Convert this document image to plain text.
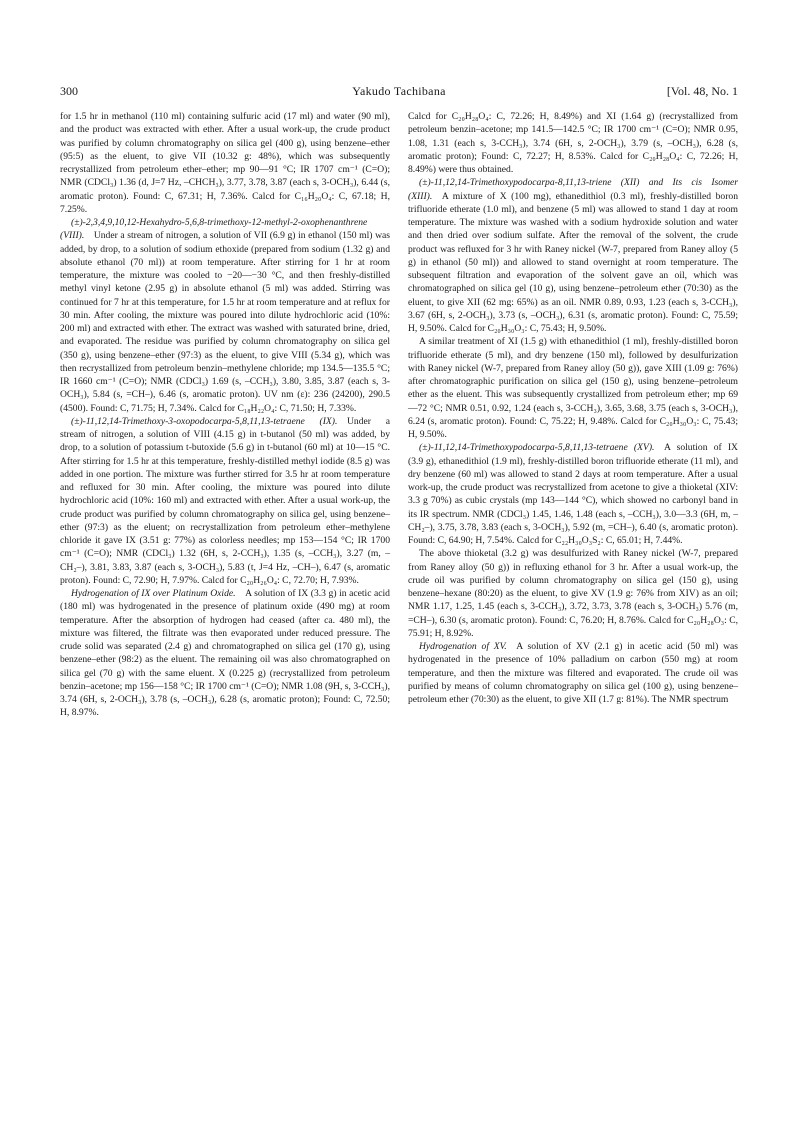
300	Yakudo Tachibana	[Vol. 48, No. 1

for 1.5 hr in methanol (110 ml) containing sulfuric acid (17 ml) and water (90 ml), and the product was extracted with ether. After a usual work-up, the crude product was purified by column chromatography on silica gel (400 g), using benzene–ether (95:5) as the eluent, to give VII (10.32 g: 48%), which was subsequently recrystallized from petroleum ether–ether; mp 90—91 °C; IR 1707 cm⁻¹ (C=O); NMR (CDCl₃) 1.36 (d, J=7 Hz, –CHCH₃), 3.77, 3.78, 3.87 (each s, 3-OCH₃), 6.44 (s, aromatic proton). Found: C, 67.31; H, 7.36%. Calcd for C₁₆H₂₀O₄: C, 67.18; H, 7.25%.

(±)-2,3,4,9,10,12-Hexahydro-5,6,8-trimethoxy-12-methyl-2-oxophenanthrene (VIII).  Under a stream of nitrogen, a solution of VII (6.9 g) in ethanol (150 ml) was added, by drop, to a solution of sodium ethoxide (prepared from sodium (1.32 g) and absolute ethanol (70 ml)) at room temperature. After stirring for 1 hr at room temperature, the mixture was cooled to −20—−30 °C, and then freshly-distilled methyl vinyl ketone (2.95 g) in absolute ethanol (5 ml) was added. Stirring was continued for 7 hr at this temperature, for 1.5 hr at room temperature and at reflux for 30 min. After cooling, the mixture was poured into dilute hydrochloric acid (10%: 200 ml) and extracted with ether. The extract was washed with saturated brine, dried, and evaporated. The residue was purified by column chromatography on silica gel (350 g), using benzene–ether (97:3) as the eluent, to give VIII (5.34 g), which was then recrystallized from petroleum benzin–methylene chloride; mp 134.5—135.5 °C; IR 1660 cm⁻¹ (C=O); NMR (CDCl₃) 1.69 (s, –CCH₃), 3.80, 3.85, 3.87 (each s, 3-OCH₃), 5.84 (s, =CH–), 6.46 (s, aromatic proton). UV nm (ε): 236 (24200), 290.5 (4500). Found: C, 71.75; H, 7.34%. Calcd for C₁₈H₂₂O₄: C, 71.50; H, 7.33%.

(±)-11,12,14-Trimethoxy-3-oxopodocarpa-5,8,11,13-tetraene (IX).  Under a stream of nitrogen, a solution of VIII (4.15 g) in t-butanol (50 ml) was added, by drop, to a solution of potassium t-butoxide (5.6 g) in t-butanol (60 ml) at 10—15 °C. After stirring for 1.5 hr at this temperature, freshly-distilled methyl iodide (8.5 g) was added in one portion. The mixture was further stirred for 3.5 hr at room temperature and refluxed for 30 min. After cooling, the mixture was poured into dilute hydrochloric acid (10%: 160 ml) and extracted with ether. After a usual work-up, the crude product was purified by column chromatography on silica gel, using benzene–ether (97:3) as the eluent; on recrystallization from petroleum ether–methylene chloride it gave IX (3.51 g: 77%) as colorless needles; mp 153—154 °C; IR 1700 cm⁻¹ (C=O); NMR (CDCl₃) 1.32 (6H, s, 2-CCH₃), 1.35 (s, –CCH₃), 3.27 (m, –CH₂–), 3.81, 3.83, 3.87 (each s, 3-OCH₃), 5.83 (t, J=4 Hz, –CH–), 6.47 (s, aromatic proton). Found: C, 72.90; H, 7.97%. Calcd for C₂₀H₂₆O₄: C, 72.70; H, 7.93%.

Hydrogenation of IX over Platinum Oxide.  A solution of IX (3.3 g) in acetic acid (180 ml) was hydrogenated in the presence of platinum oxide (490 mg) at room temperature. After the absorption of hydrogen had ceased (after ca. 480 ml), the mixture was filtered, the filtrate was then evaporated under reduced pressure. The crude solid was separated (2.4 g) and chromatographed on silica gel (170 g), using benzene–ether (98:2) as the eluent. The remaining oil was also chromatographed on silica gel (70 g) with the same eluent. X (0.225 g) (recrystallized from petroleum benzin–acetone; mp 156—158 °C; IR 1700 cm⁻¹ (C=O); NMR 1.08 (9H, s, 3-CCH₃), 3.74 (6H, s, 2-OCH₃), 3.78 (s, –OCH₃), 6.28 (s, aromatic proton); Found: C, 72.50; H, 8.97%.

Calcd for C₂₀H₂₈O₄: C, 72.26; H, 8.49%) and XI (1.64 g) (recrystallized from petroleum benzin–acetone; mp 141.5—142.5 °C; IR 1700 cm⁻¹ (C=O); NMR 0.95, 1.08, 1.31 (each s, 3-CCH₃), 3.74 (6H, s, 2-OCH₃), 3.79 (s, –OCH₃), 6.28 (s, aromatic proton); Found: C, 72.27; H, 8.53%. Calcd for C₂₀H₂₈O₄: C, 72.26; H, 8.49%) were thus obtained.

(±)-11,12,14-Trimethoxypodocarpa-8,11,13-triene (XII) and Its cis Isomer (XIII).  A mixture of X (100 mg), ethanedithiol (0.3 ml), freshly-distilled boron trifluoride etherate (1.0 ml), and benzene (5 ml) was allowed to stand 1 day at room temperature. The mixture was washed with a sodium hydroxide solution and water and then dried over sodium sulfate. After the removal of the solvent, the crude product was refluxed for 3 hr with Raney nickel (W-7, prepared from Raney alloy (5 g) in ethanol (50 ml)) and allowed to stand overnight at room temperature. The subsequent filtration and evaporation of the solvent gave an oil, which was chromatographed on silica gel (10 g), using benzene–petroleum ether (70:30) as the eluent, to give XII (62 mg: 65%) as an oil. NMR 0.89, 0.93, 1.23 (each s, 3-CCH₃), 3.67 (6H, s, 2-OCH₃), 3.73 (s, –OCH₃), 6.31 (s, aromatic proton). Found: C, 75.59; H, 9.50%. Calcd for C₂₀H₃₀O₃: C, 75.43; H, 9.50%.

A similar treatment of XI (1.5 g) with ethanedithiol (1 ml), freshly-distilled boron trifluoride etherate (5 ml), and dry benzene (150 ml), followed by desulfurization with Raney nickel (W-7, prepared from Raney alloy (50 g)), gave XIII (1.09 g: 76%) after chromatographic purification on silica gel (150 g), using benzene–petroleum ether as the eluent. This was subsequently crystallized from petroleum ether; mp 69—72 °C; NMR 0.51, 0.92, 1.24 (each s, 3-CCH₃), 3.65, 3.68, 3.75 (each s, 3-OCH₃), 6.24 (s, aromatic proton). Found: C, 75.22; H, 9.48%. Calcd for C₂₀H₃₀O₃: C, 75.43; H, 9.50%.

(±)-11,12,14-Trimethoxypodocarpa-5,8,11,13-tetraene (XV).  A solution of IX (3.9 g), ethanedithiol (1.9 ml), freshly-distilled boron trifluoride etherate (11 ml), and dry benzene (60 ml) was allowed to stand 2 days at room temperature. After a usual work-up, the crude product was recrystallized from acetone to give a thioketal (XIV: 3.3 g 70%) as cubic crystals (mp 143—144 °C), which showed no carbonyl band in its IR spectrum. NMR (CDCl₃) 1.45, 1.46, 1.48 (each s, –CCH₃), 3.0—3.3 (6H, m, –CH₂–), 3.75, 3.78, 3.83 (each s, 3-OCH₃), 5.92 (m, =CH–), 6.40 (s, aromatic proton). Found: C, 64.90; H, 7.54%. Calcd for C₂₂H₃₀O₃S₂: C, 65.01; H, 7.44%.

The above thioketal (3.2 g) was desulfurized with Raney nickel (W-7, prepared from Raney alloy (50 g)) in refluxing ethanol for 3 hr. After a usual work-up, the crude oil was purified by column chromatography on silica gel (150 g), using benzene–hexane (80:20) as the eluent, to give XV (1.9 g: 76% from XIV) as an oil; NMR 1.17, 1.25, 1.45 (each s, 3-CCH₃), 3.72, 3.73, 3.78 (each s, 3-OCH₃) 5.76 (m, =CH–), 6.30 (s, aromatic proton). Found: C, 76.20; H, 8.76%. Calcd for C₂₀H₂₈O₃: C, 75.91; H, 8.92%.

Hydrogenation of XV.  A solution of XV (2.1 g) in acetic acid (50 ml) was hydrogenated in the presence of 10% palladium on carbon (550 mg) at room temperature, and then the mixture was filtered and evaporated. The crude oil was purified by means of column chromatography on silica gel (100 g), using benzene–petroleum ether (70:30) as the eluent, to give XII (1.7 g: 81%). The NMR spectrum
